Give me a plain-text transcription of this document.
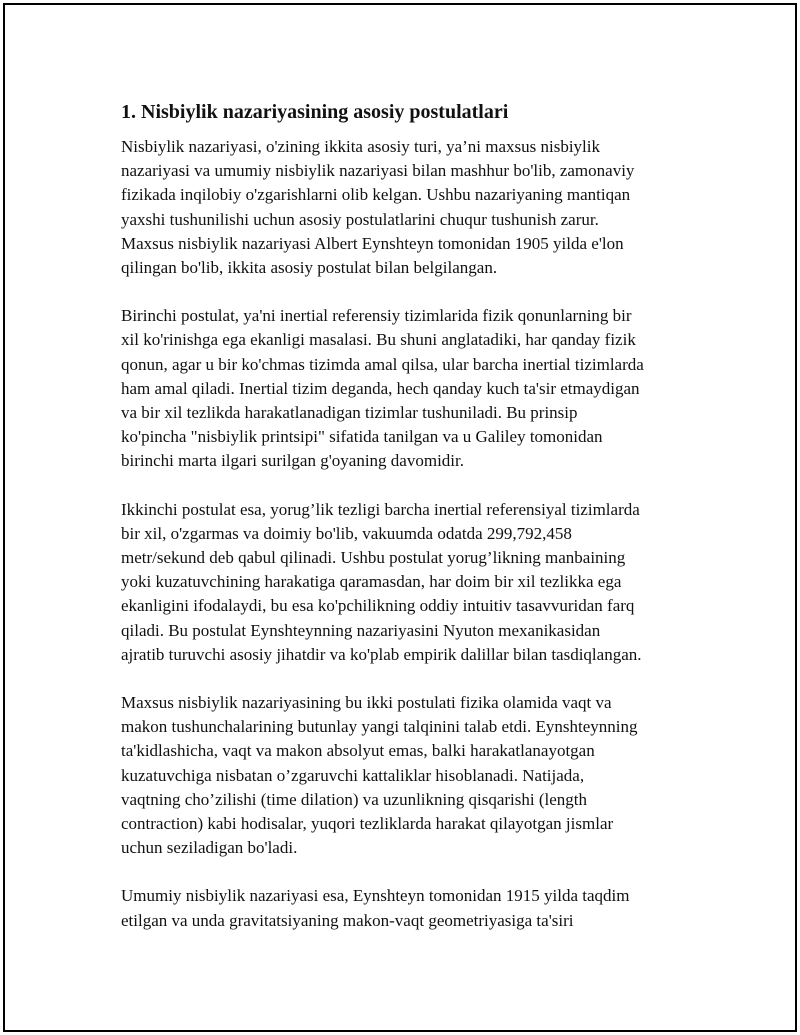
1. Nisbiylik nazariyasining asosiy postulatlari

Nisbiylik nazariyasi, o'zining ikkita asosiy turi, ya’ni maxsus nisbiylik
nazariyasi va umumiy nisbiylik nazariyasi bilan mashhur bo'lib, zamonaviy
fizikada inqilobiy o'zgarishlarni olib kelgan. Ushbu nazariyaning mantiqan
yaxshi tushunilishi uchun asosiy postulatlarini chuqur tushunish zarur.
Maxsus nisbiylik nazariyasi Albert Eynshteyn tomonidan 1905 yilda e'lon
qilingan bo'lib, ikkita asosiy postulat bilan belgilangan.

Birinchi postulat, ya'ni inertial referensiy tizimlarida fizik qonunlarning bir
xil ko'rinishga ega ekanligi masalasi. Bu shuni anglatadiki, har qanday fizik
qonun, agar u bir ko'chmas tizimda amal qilsa, ular barcha inertial tizimlarda
ham amal qiladi. Inertial tizim deganda, hech qanday kuch ta'sir etmaydigan
va bir xil tezlikda harakatlanadigan tizimlar tushuniladi. Bu prinsip
ko'pincha "nisbiylik printsipi" sifatida tanilgan va u Galiley tomonidan
birinchi marta ilgari surilgan g'oyaning davomidir.

Ikkinchi postulat esa, yorug’lik tezligi barcha inertial referensiyal tizimlarda
bir xil, o'zgarmas va doimiy bo'lib, vakuumda odatda 299,792,458
metr/sekund deb qabul qilinadi. Ushbu postulat yorug’likning manbaining
yoki kuzatuvchining harakatiga qaramasdan, har doim bir xil tezlikka ega
ekanligini ifodalaydi, bu esa ko'pchilikning oddiy intuitiv tasavvuridan farq
qiladi. Bu postulat Eynshteynning nazariyasini Nyuton mexanikasidan
ajratib turuvchi asosiy jihatdir va ko'plab empirik dalillar bilan tasdiqlangan.

Maxsus nisbiylik nazariyasining bu ikki postulati fizika olamida vaqt va
makon tushunchalarining butunlay yangi talqinini talab etdi. Eynshteynning
ta'kidlashicha, vaqt va makon absolyut emas, balki harakatlanayotgan
kuzatuvchiga nisbatan o’zgaruvchi kattaliklar hisoblanadi. Natijada,
vaqtning cho’zilishi (time dilation) va uzunlikning qisqarishi (length
contraction) kabi hodisalar, yuqori tezliklarda harakat qilayotgan jismlar
uchun seziladigan bo'ladi.

Umumiy nisbiylik nazariyasi esa, Eynshteyn tomonidan 1915 yilda taqdim
etilgan va unda gravitatsiyaning makon-vaqt geometriyasiga ta'siri
